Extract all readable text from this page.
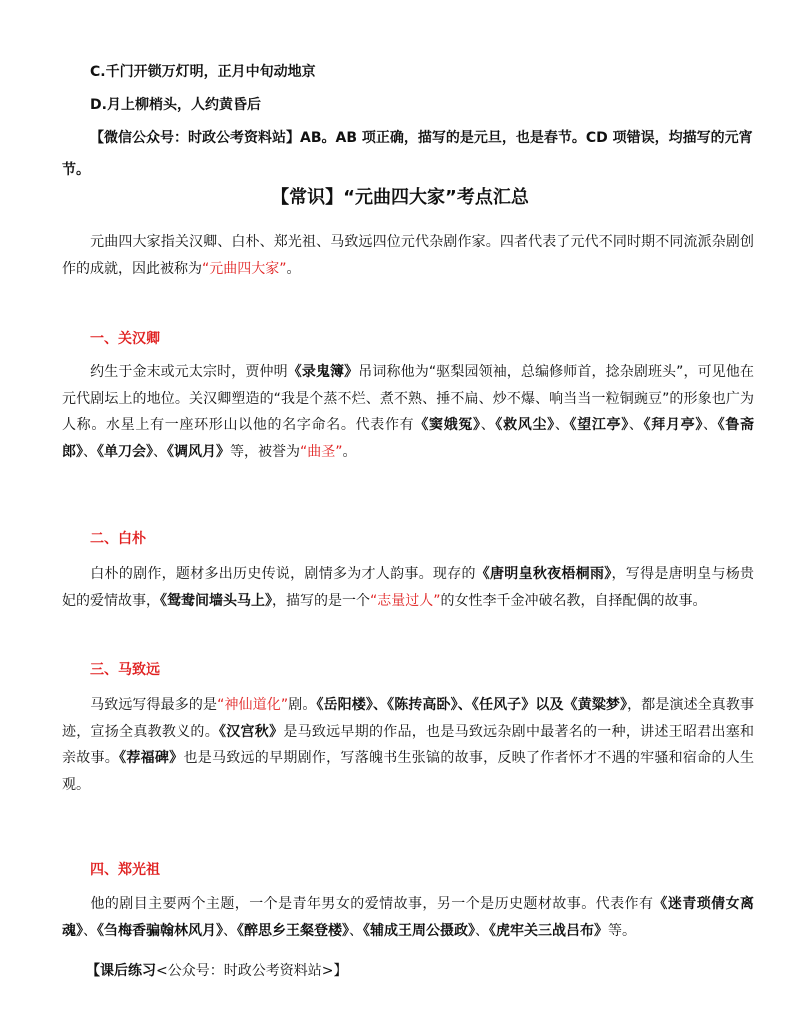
C.千门开锁万灯明，正月中旬动地京
D.月上柳梢头，人约黄昏后
【微信公众号：时政公考资料站】AB。AB 项正确，描写的是元旦，也是春节。CD 项错误，均描写的元宵
节。
【常识】“元曲四大家”考点汇总
元曲四大家指关汉卿、白朴、郑光祖、马致远四位元代杂剧作家。四者代表了元代不同时期不同流派杂剧创作的成就，因此被称为“元曲四大家”。
一、关汉卿
约生于金末或元太宗时，贾仲明《录鬼簿》吊词称他为“驱梨园领袖，总编修师首，捻杂剧班头”，可见他在元代剧坛上的地位。关汉卿塑造的“我是个蒸不烂、煮不熟、捶不扁、炒不爆、响当当一粒铜豌豆”的形象也广为人称。水星上有一座环形山以他的名字命名。代表作有《窦娥冤》、《救风尘》、《望江亭》、《拜月亭》、《鲁斋郎》、《单刀会》、《调风月》等，被誉为“曲圣”。
二、白朴
白朴的剧作，题材多出历史传说，剧情多为才人韵事。现存的《唐明皇秋夜梧桐雨》，写得是唐明皇与杨贵妃的爱情故事，《鸳鸯间墙头马上》，描写的是一个“志量过人”的女性李千金冲破名教，自择配偶的故事。
三、马致远
马致远写得最多的是“神仙道化”剧。《岳阳楼》、《陈抟高卧》、《任风子》以及《黄粱梦》，都是演述全真教事迹，宣扬全真教教义的。《汉宫秋》是马致远早期的作品，也是马致远杂剧中最著名的一种，讲述王昭君出塞和亲故事。《荐福碑》也是马致远的早期剧作，写落魄书生张镐的故事，反映了作者怀才不遇的牢骚和宿命的人生观。
四、郑光祖
他的剧目主要两个主题，一个是青年男女的爱情故事，另一个是历史题材故事。代表作有《迷青琐倩女离魂》、《刍梅香骗翰林风月》、《醉思乡王粲登楼》、《辅成王周公摄政》、《虎牢关三战吕布》等。
【课后练习<公众号：时政公考资料站>】
